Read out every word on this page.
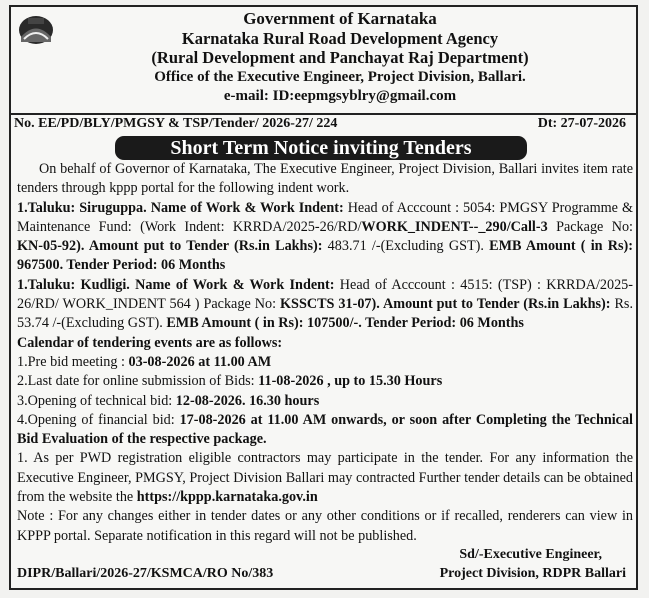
Government of Karnataka
Karnataka Rural Road Development Agency
(Rural Development and Panchayat Raj Department)
Office of the Executive Engineer, Project Division, Ballari.
e-mail: ID:eepmgsyblry@gmail.com
No. EE/PD/BLY/PMGSY & TSP/Tender/ 2026-27/ 224	Dt: 27-07-2026
Short Term Notice inviting Tenders

On behalf of Governor of Karnataka, The Executive Engineer, Project Division, Ballari invites item rate tenders through kppp portal for the following indent work.

1.Taluku: Siruguppa. Name of Work & Work Indent: Head of Acccount : 5054: PMGSY Programme & Maintenance Fund: (Work Indent: KRRDA/2025-26/RD/WORK_INDENT--_290/Call-3 Package No: KN-05-92). Amount put to Tender (Rs.in Lakhs): 483.71 /-(Excluding GST). EMB Amount ( in Rs): 967500. Tender Period: 06 Months

1.Taluku: Kudligi. Name of Work & Work Indent: Head of Acccount : 4515: (TSP) : KRRDA/2025-26/RD/ WORK_INDENT 564 ) Package No: KSSCTS 31-07). Amount put to Tender (Rs.in Lakhs): Rs. 53.74 /-(Excluding GST). EMB Amount ( in Rs): 107500/-. Tender Period: 06 Months

Calendar of tendering events are as follows:

1.Pre bid meeting : 03-08-2026 at 11.00 AM

2.Last date for online submission of Bids: 11-08-2026 , up to 15.30 Hours

3.Opening of technical bid: 12-08-2026. 16.30 hours

4.Opening of financial bid: 17-08-2026 at 11.00 AM onwards, or soon after Completing the Technical Bid Evaluation of the respective package.

1. As per PWD registration eligible contractors may participate in the tender. For any information the Executive Engineer, PMGSY, Project Division Ballari may contracted Further tender details can be obtained from the website the https://kppp.karnataka.gov.in

Note : For any changes either in tender dates or any other conditions or if recalled, renderers can view in KPPP portal. Separate notification in this regard will not be published.

Sd/-Executive Engineer,
DIPR/Ballari/2026-27/KSMCA/RO No/383	Project Division, RDPR Ballari
